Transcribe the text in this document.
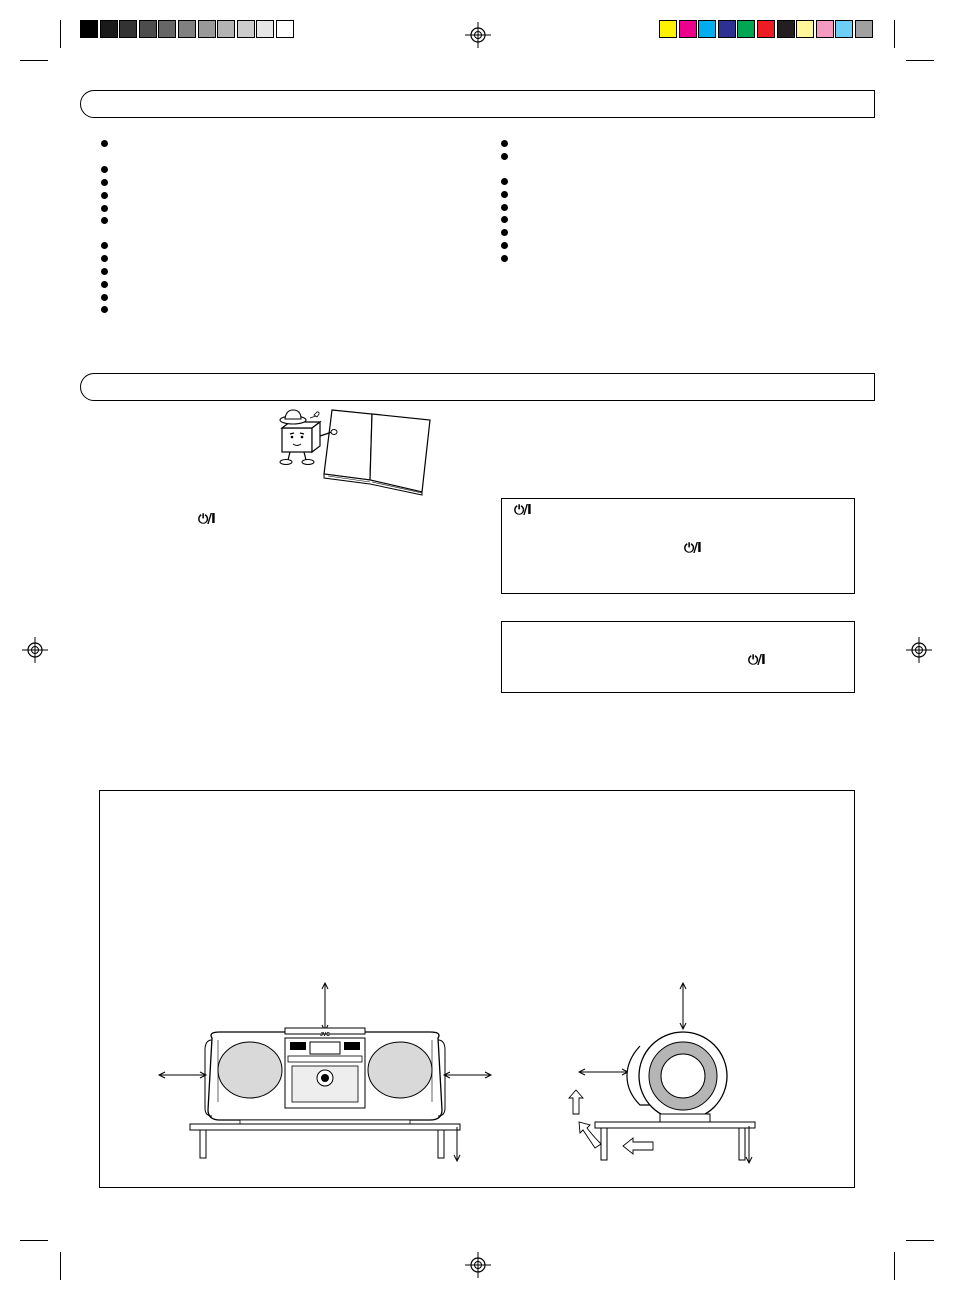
⏻/I
⏻/I
⏻/I
⏻/I
JVC
